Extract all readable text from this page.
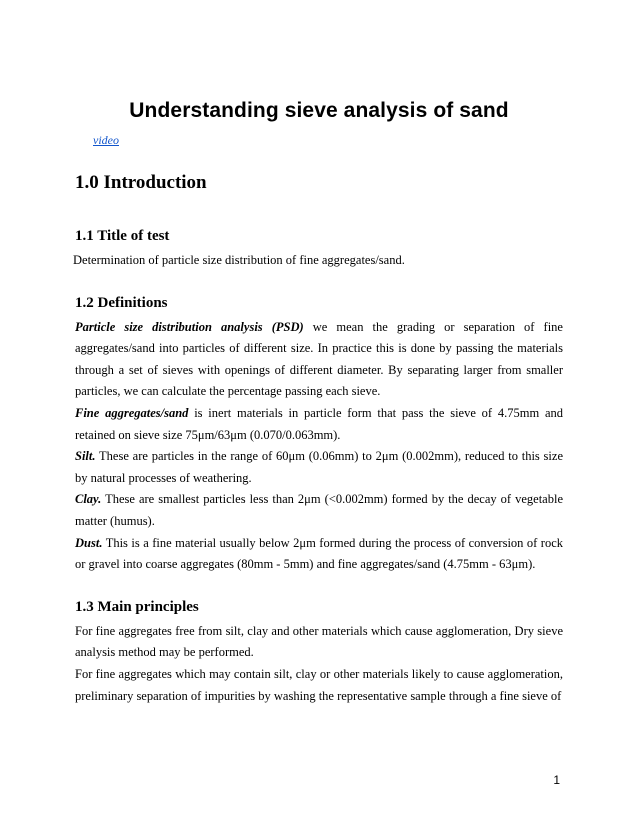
Understanding sieve analysis of sand
video
1.0 Introduction
1.1 Title of test

Determination of particle size distribution of fine aggregates/sand.

1.2 Definitions

Particle size distribution analysis (PSD) we mean the grading or separation of fine aggregates/sand into particles of different size. In practice this is done by passing the materials through a set of sieves with openings of different diameter. By separating larger from smaller particles, we can calculate the percentage passing each sieve.

Fine aggregates/sand is inert materials in particle form that pass the sieve of 4.75mm and retained on sieve size 75μm/63μm (0.070/0.063mm).

Silt. These are particles in the range of 60μm (0.06mm) to 2μm (0.002mm), reduced to this size by natural processes of weathering.

Clay. These are smallest particles less than 2μm (<0.002mm) formed by the decay of vegetable matter (humus).

Dust. This is a fine material usually below 2μm formed during the process of conversion of rock or gravel into coarse aggregates (80mm - 5mm) and fine aggregates/sand (4.75mm - 63μm).

1.3 Main principles

For fine aggregates free from silt, clay and other materials which cause agglomeration, Dry sieve analysis method may be performed.

For fine aggregates which may contain silt, clay or other materials likely to cause agglomeration, preliminary separation of impurities by washing the representative sample through a fine sieve of

1
